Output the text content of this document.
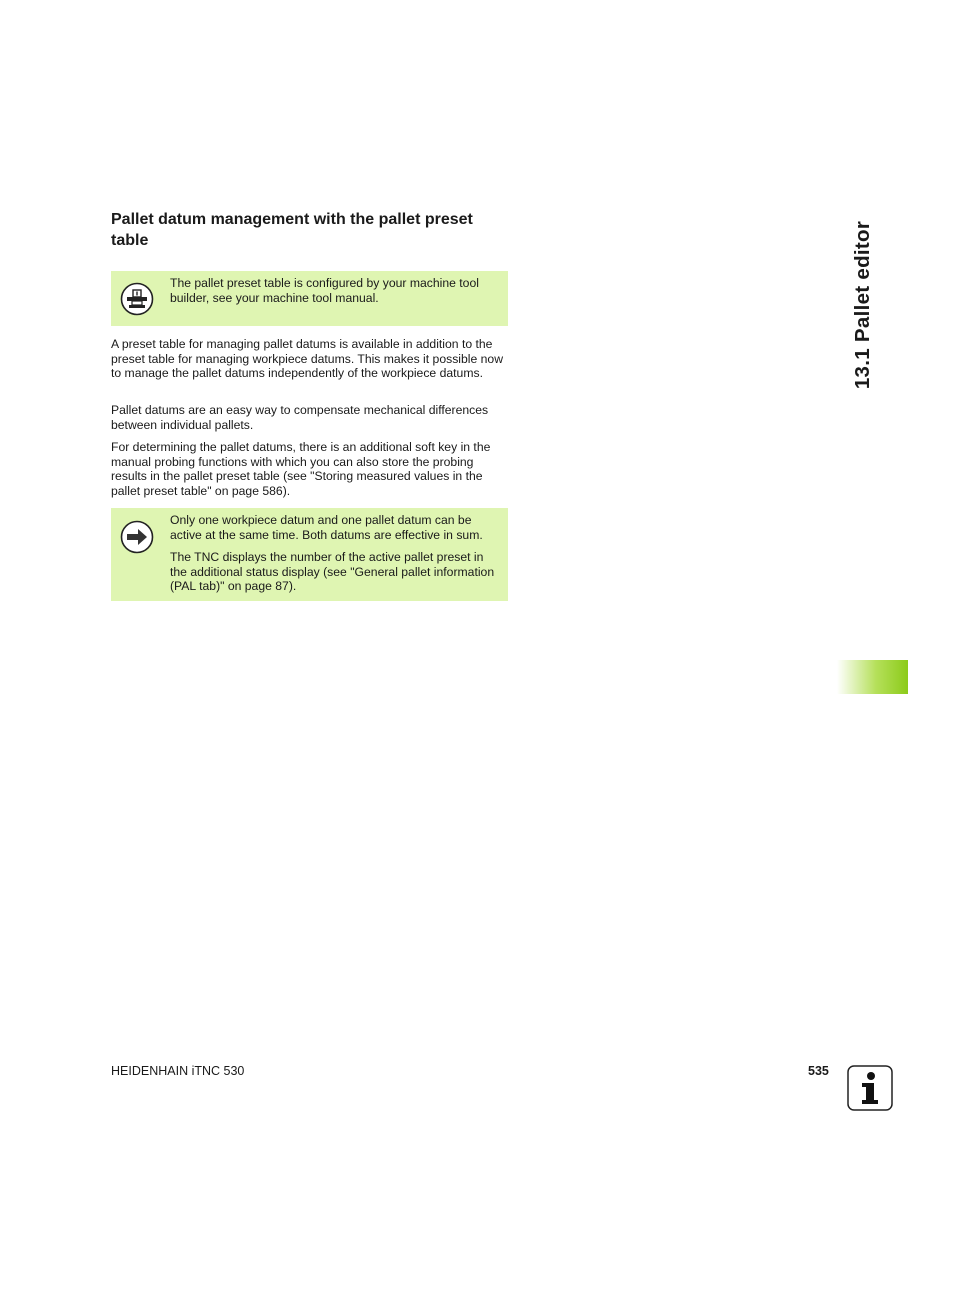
Pallet datum management with the pallet preset table

The pallet preset table is configured by your machine tool builder, see your machine tool manual.

A preset table for managing pallet datums is available in addition to the preset table for managing workpiece datums. This makes it possible now to manage the pallet datums independently of the workpiece datums.

Pallet datums are an easy way to compensate mechanical differences between individual pallets.

For determining the pallet datums, there is an additional soft key in the manual probing functions with which you can also store the probing results in the pallet preset table (see "Storing measured values in the pallet preset table" on page 586).

Only one workpiece datum and one pallet datum can be active at the same time. Both datums are effective in sum.

The TNC displays the number of the active pallet preset in the additional status display (see "General pallet information (PAL tab)" on page 87).

13.1 Pallet editor
HEIDENHAIN iTNC 530	535
